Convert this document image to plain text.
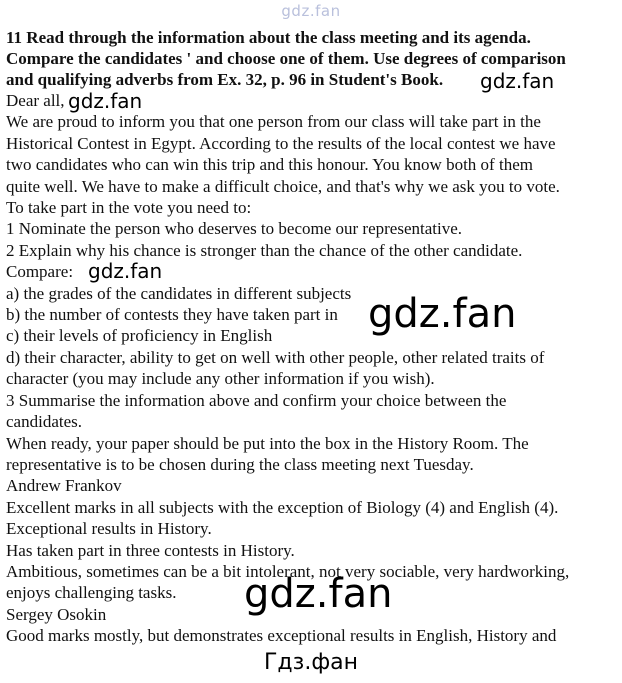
gdz.fan
11 Read through the information about the class meeting and its agenda.
Compare the candidates ' and choose one of them. Use degrees of comparison
and qualifying adverbs from Ex. 32, p. 96 in Student's Book.
Dear all,
We are proud to inform you that one person from our class will take part in the
Historical Contest in Egypt. According to the results of the local contest we have
two candidates who can win this trip and this honour. You know both of them
quite well. We have to make a difficult choice, and that's why we ask you to vote.
To take part in the vote you need to:
1 Nominate the person who deserves to become our representative.
2 Explain why his chance is stronger than the chance of the other candidate.
Compare:
a) the grades of the candidates in different subjects
b) the number of contests they have taken part in
c) their levels of proficiency in English
d) their character, ability to get on well with other people, other related traits of
character (you may include any other information if you wish).
3 Summarise the information above and confirm your choice between the
candidates.
When ready, your paper should be put into the box in the History Room. The
representative is to be chosen during the class meeting next Tuesday.
Andrew Frankov
Excellent marks in all subjects with the exception of Biology (4) and English (4).
Exceptional results in History.
Has taken part in three contests in History.
Ambitious, sometimes can be a bit intolerant, not very sociable, very hardworking,
enjoys challenging tasks.
Sergey Osokin
Good marks mostly, but demonstrates exceptional results in English, History and
gdz.fan
gdz.fan
gdz.fan
gdz.fan
gdz.fan
Гдз.фан
